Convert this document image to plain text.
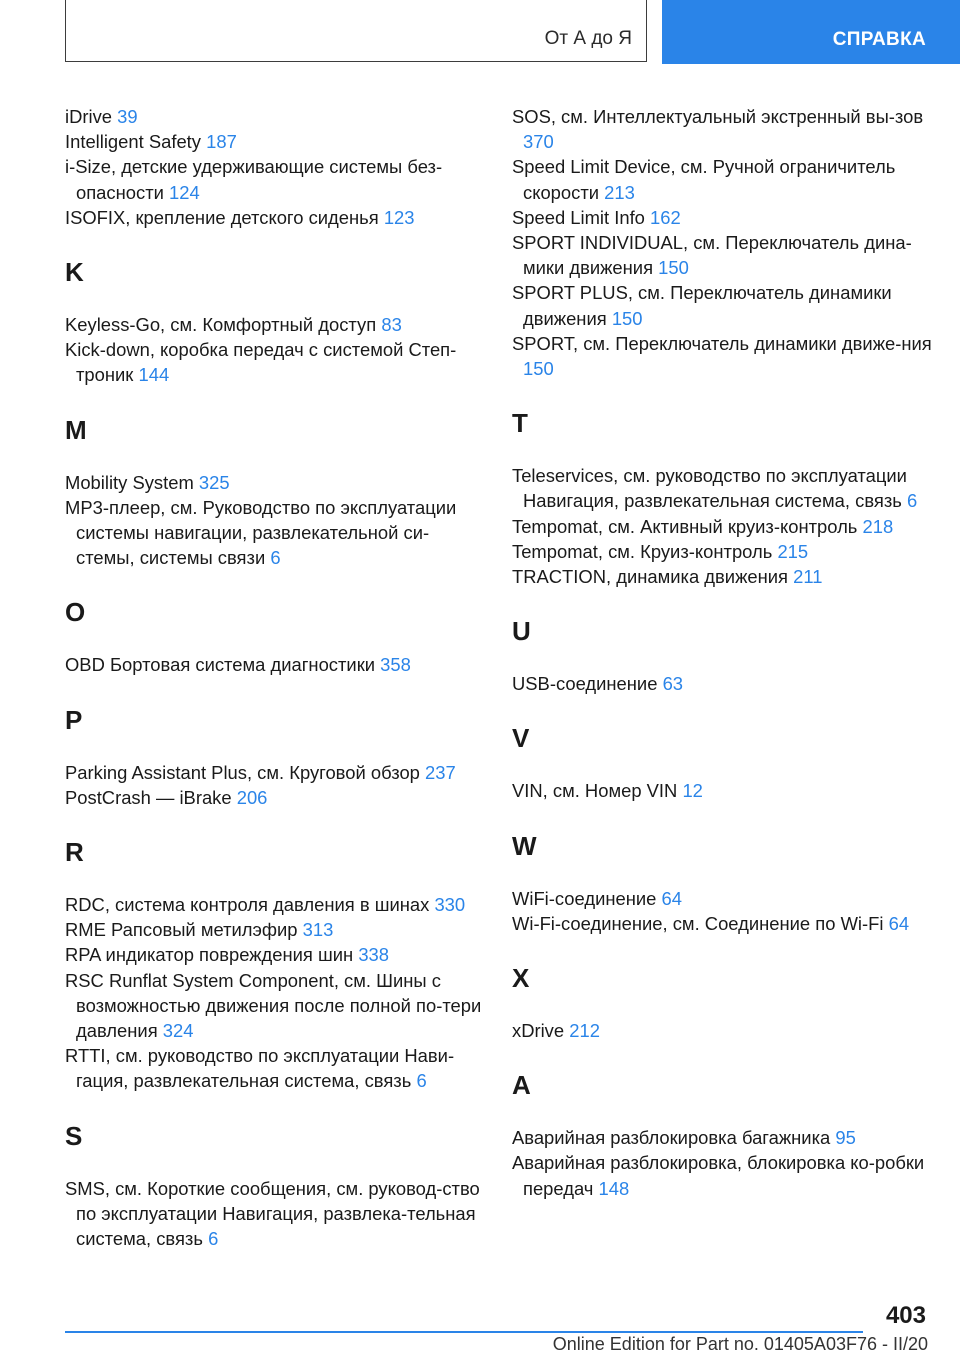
От А до Я	СПРАВКА
iDrive 39
Intelligent Safety 187
i-Size, детские удерживающие системы без-опасности 124
ISOFIX, крепление детского сиденья 123
K
Keyless-Go, см. Комфортный доступ 83
Kick-down, коробка передач с системой Степ-троник 144
M
Mobility System 325
MP3-плеер, см. Руководство по эксплуатации системы навигации, развлекательной си-стемы, системы связи 6
O
OBD Бортовая система диагностики 358
P
Parking Assistant Plus, см. Круговой обзор 237
PostCrash — iBrake 206
R
RDC, система контроля давления в шинах 330
RME Рапсовый метилэфир 313
RPA индикатор повреждения шин 338
RSC Runflat System Component, см. Шины с возможностью движения после полной по-тери давления 324
RTTI, см. руководство по эксплуатации Нави-гация, развлекательная система, связь 6
S
SMS, см. Короткие сообщения, см. руковод-ство по эксплуатации Навигация, развлека-тельная система, связь 6
SOS, см. Интеллектуальный экстренный вы-зов 370
Speed Limit Device, см. Ручной ограничитель скорости 213
Speed Limit Info 162
SPORT INDIVIDUAL, см. Переключатель дина-мики движения 150
SPORT PLUS, см. Переключатель динамики движения 150
SPORT, см. Переключатель динамики движе-ния 150
T
Teleservices, см. руководство по эксплуатации Навигация, развлекательная система, связь 6
Tempomat, см. Активный круиз-контроль 218
Tempomat, см. Круиз-контроль 215
TRACTION, динамика движения 211
U
USB-соединение 63
V
VIN, см. Номер VIN 12
W
WiFi-соединение 64
Wi-Fi-соединение, см. Соединение по Wi-Fi 64
X
xDrive 212
A
Аварийная разблокировка багажника 95
Аварийная разблокировка, блокировка ко-робки передач 148
403
Online Edition for Part no. 01405A03F76 - II/20
